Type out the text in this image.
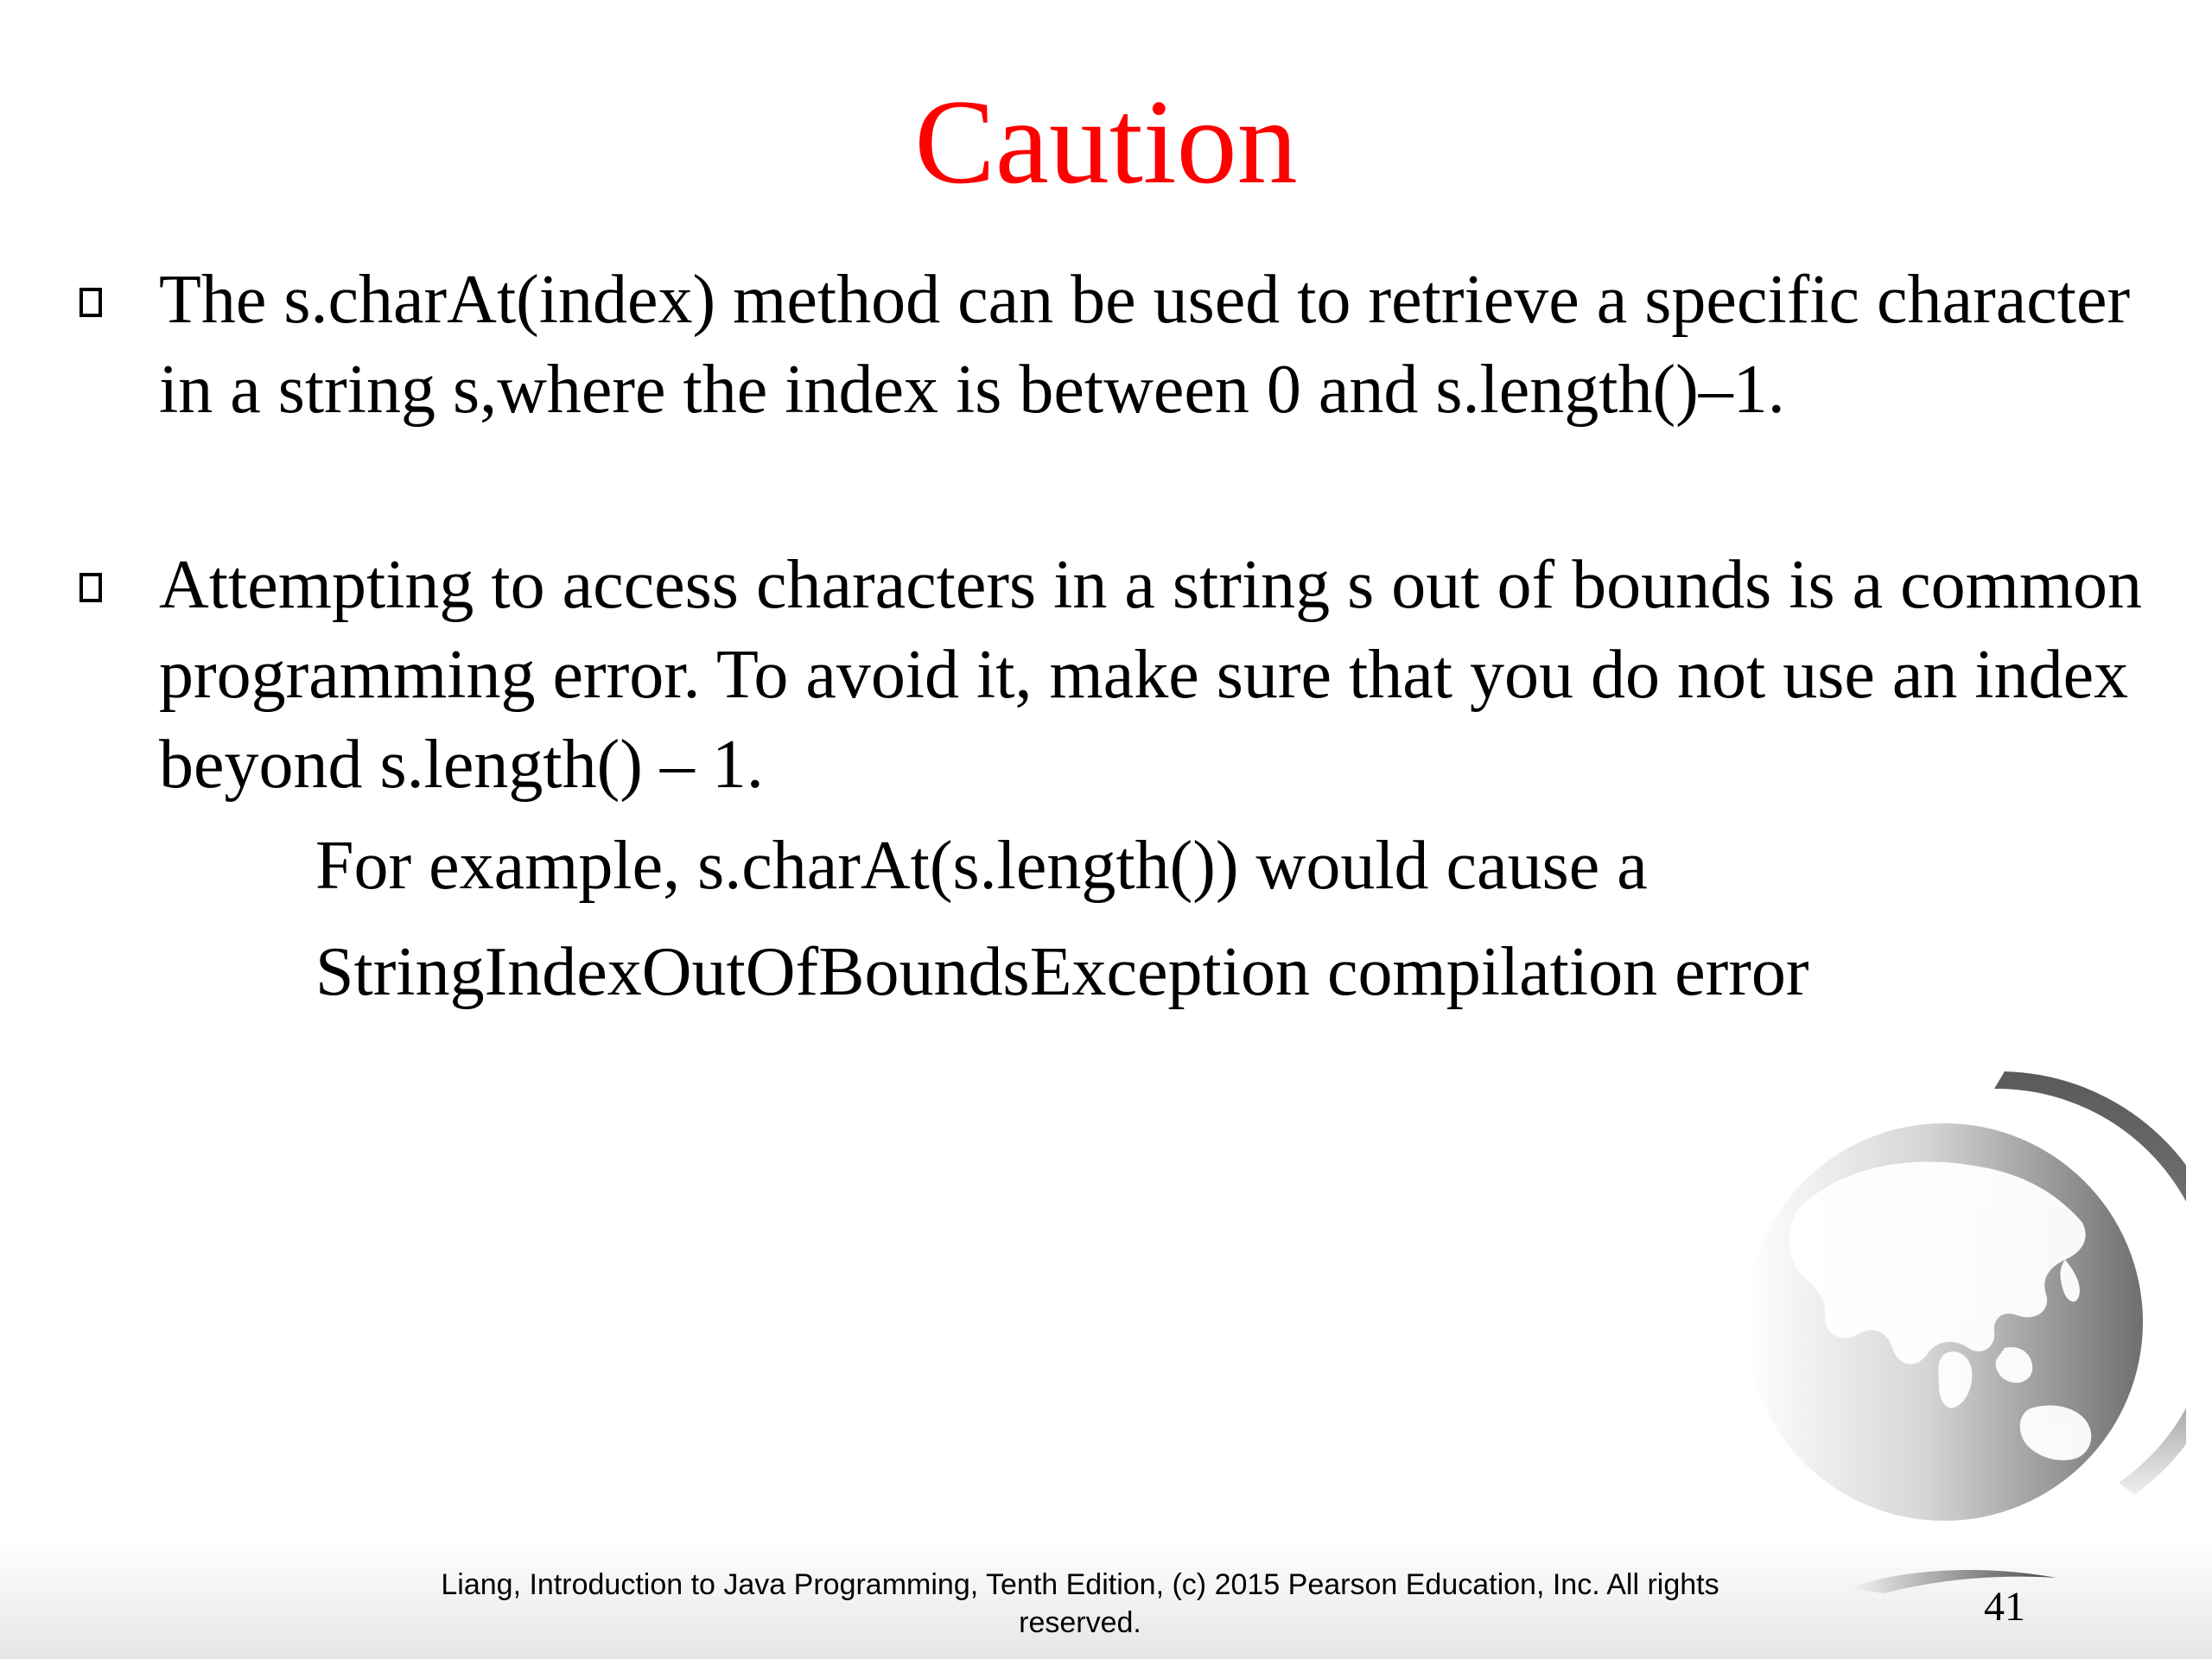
Caution
The s.charAt(index) method can be used to retrieve a specific character in a string s,where the index is between 0 and s.length()–1.
Attempting to access characters in a string s out of bounds is a common programming error. To avoid it, make sure that you do not use an index beyond s.length() – 1.
For example, s.charAt(s.length()) would cause a
StringIndexOutOfBoundsException compilation error
Liang, Introduction to Java Programming, Tenth Edition, (c) 2015 Pearson Education, Inc. All rights reserved.	41
